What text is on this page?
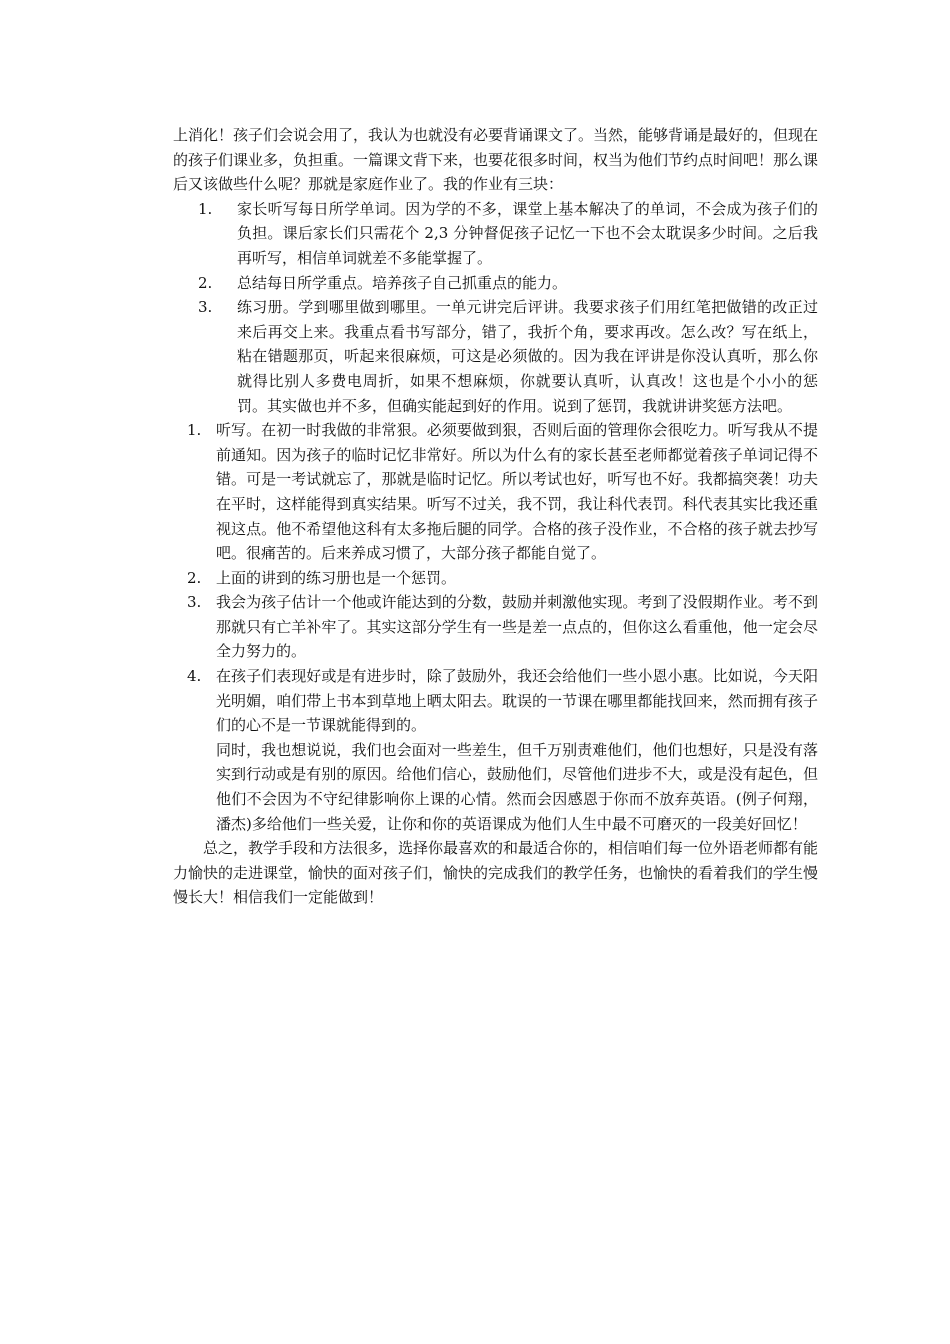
上消化！孩子们会说会用了，我认为也就没有必要背诵课文了。当然，能够背诵是最好的，但现在的孩子们课业多，负担重。一篇课文背下来，也要花很多时间，权当为他们节约点时间吧！那么课后又该做些什么呢？那就是家庭作业了。我的作业有三块：

1. 家长听写每日所学单词。因为学的不多，课堂上基本解决了的单词，不会成为孩子们的负担。课后家长们只需花个 2,3 分钟督促孩子记忆一下也不会太耽误多少时间。之后我再听写，相信单词就差不多能掌握了。
2. 总结每日所学重点。培养孩子自己抓重点的能力。
3. 练习册。学到哪里做到哪里。一单元讲完后评讲。我要求孩子们用红笔把做错的改正过来后再交上来。我重点看书写部分，错了，我折个角，要求再改。怎么改？写在纸上，粘在错题那页，听起来很麻烦，可这是必须做的。因为我在评讲是你没认真听，那么你就得比别人多费电周折，如果不想麻烦，你就要认真听，认真改！这也是个小小的惩罚。其实做也并不多，但确实能起到好的作用。说到了惩罚，我就讲讲奖惩方法吧。
1. 听写。在初一时我做的非常狠。必须要做到狠，否则后面的管理你会很吃力。听写我从不提前通知。因为孩子的临时记忆非常好。所以为什么有的家长甚至老师都觉着孩子单词记得不错。可是一考试就忘了，那就是临时记忆。所以考试也好，听写也不好。我都搞突袭！功夫在平时，这样能得到真实结果。听写不过关，我不罚，我让科代表罚。科代表其实比我还重视这点。他不希望他这科有太多拖后腿的同学。合格的孩子没作业，不合格的孩子就去抄写吧。很痛苦的。后来养成习惯了，大部分孩子都能自觉了。
2. 上面的讲到的练习册也是一个惩罚。
3. 我会为孩子估计一个他或许能达到的分数，鼓励并刺激他实现。考到了没假期作业。考不到那就只有亡羊补牢了。其实这部分学生有一些是差一点点的，但你这么看重他，他一定会尽全力努力的。
4. 在孩子们表现好或是有进步时，除了鼓励外，我还会给他们一些小恩小惠。比如说，今天阳光明媚，咱们带上书本到草地上晒太阳去。耽误的一节课在哪里都能找回来，然而拥有孩子们的心不是一节课就能得到的。

同时，我也想说说，我们也会面对一些差生，但千万别责难他们，他们也想好，只是没有落实到行动或是有别的原因。给他们信心，鼓励他们，尽管他们进步不大，或是没有起色，但他们不会因为不守纪律影响你上课的心情。然而会因感恩于你而不放弃英语。(例子何翔，潘杰)多给他们一些关爱，让你和你的英语课成为他们人生中最不可磨灭的一段美好回忆！

总之，教学手段和方法很多，选择你最喜欢的和最适合你的，相信咱们每一位外语老师都有能力愉快的走进课堂，愉快的面对孩子们，愉快的完成我们的教学任务，也愉快的看着我们的学生慢慢长大！相信我们一定能做到！
